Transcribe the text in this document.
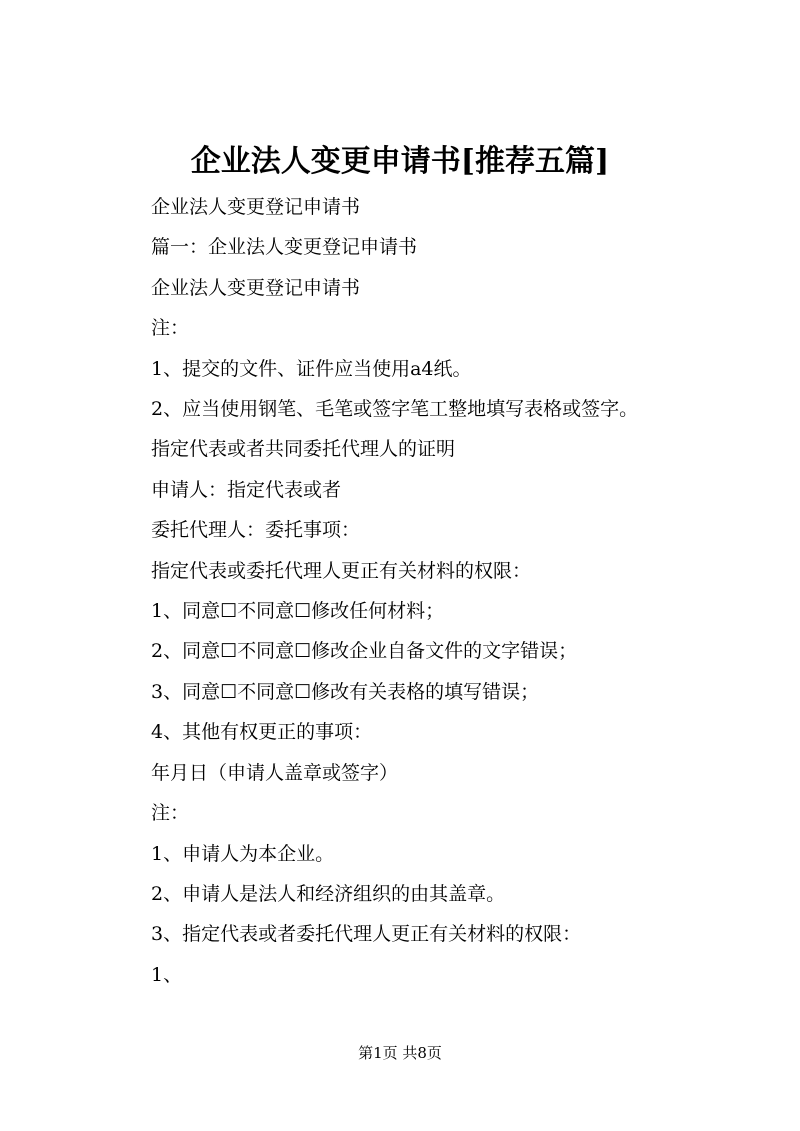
企业法人变更申请书[推荐五篇]

企业法人变更登记申请书

篇一：企业法人变更登记申请书

企业法人变更登记申请书

注：

1、提交的文件、证件应当使用a4纸。

2、应当使用钢笔、毛笔或签字笔工整地填写表格或签字。

指定代表或者共同委托代理人的证明

申请人：指定代表或者

委托代理人：委托事项：

指定代表或委托代理人更正有关材料的权限：

1、同意☐不同意☐修改任何材料；

2、同意☐不同意☐修改企业自备文件的文字错误；

3、同意☐不同意☐修改有关表格的填写错误；

4、其他有权更正的事项：

年月日（申请人盖章或签字）

注：

1、申请人为本企业。

2、申请人是法人和经济组织的由其盖章。

3、指定代表或者委托代理人更正有关材料的权限：

1、

第1页 共8页
